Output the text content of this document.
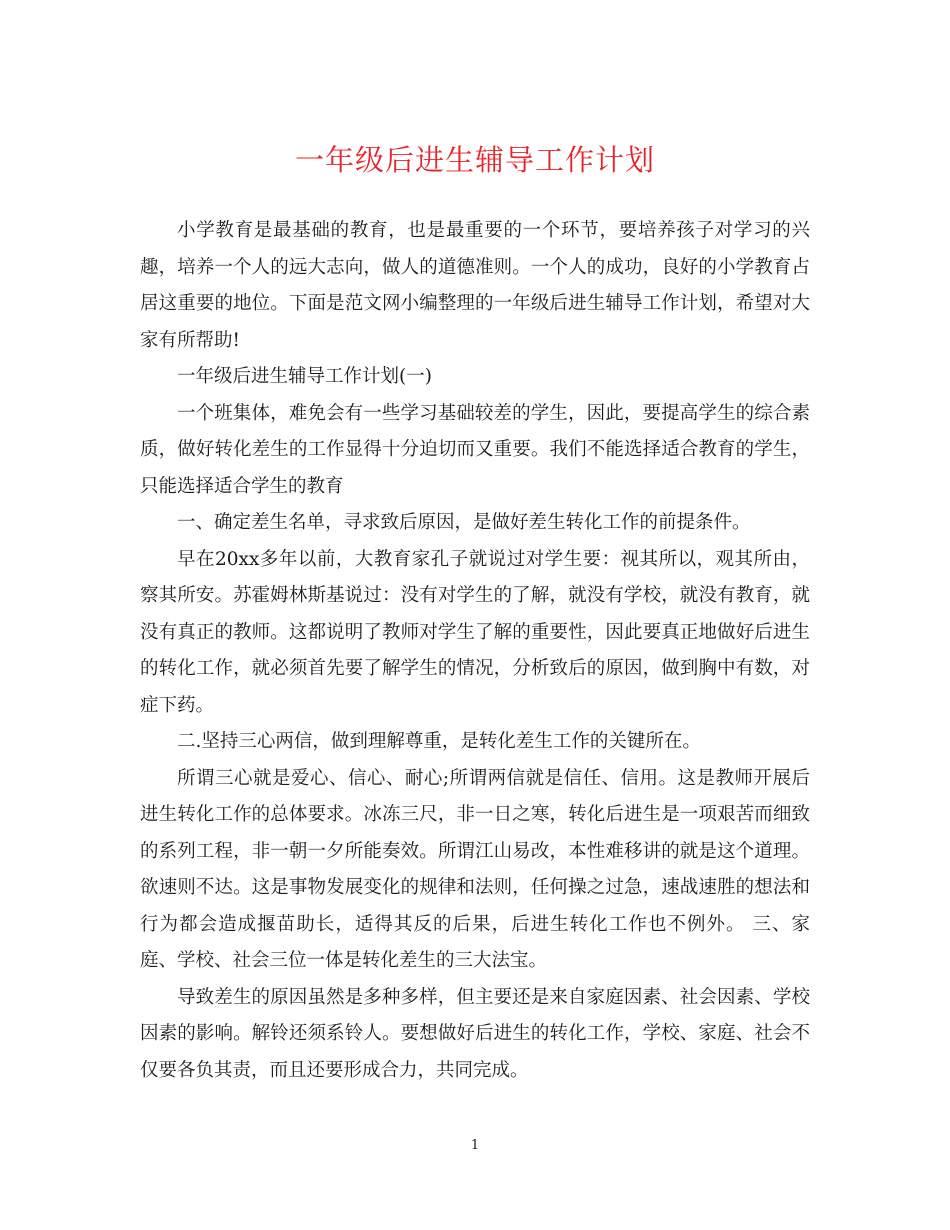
一年级后进生辅导工作计划

小学教育是最基础的教育，也是最重要的一个环节，要培养孩子对学习的兴趣，培养一个人的远大志向，做人的道德准则。一个人的成功，良好的小学教育占居这重要的地位。下面是范文网小编整理的一年级后进生辅导工作计划，希望对大家有所帮助!

一年级后进生辅导工作计划(一)

一个班集体，难免会有一些学习基础较差的学生，因此，要提高学生的综合素质，做好转化差生的工作显得十分迫切而又重要。我们不能选择适合教育的学生，只能选择适合学生的教育

一、确定差生名单，寻求致后原因，是做好差生转化工作的前提条件。

早在20xx多年以前，大教育家孔子就说过对学生要：视其所以，观其所由，察其所安。苏霍姆林斯基说过：没有对学生的了解，就没有学校，就没有教育，就没有真正的教师。这都说明了教师对学生了解的重要性，因此要真正地做好后进生的转化工作，就必须首先要了解学生的情况，分析致后的原因，做到胸中有数，对症下药。

二.坚持三心两信，做到理解尊重，是转化差生工作的关键所在。

所谓三心就是爱心、信心、耐心;所谓两信就是信任、信用。这是教师开展后进生转化工作的总体要求。冰冻三尺，非一日之寒，转化后进生是一项艰苦而细致的系列工程，非一朝一夕所能奏效。所谓江山易改，本性难移讲的就是这个道理。欲速则不达。这是事物发展变化的规律和法则，任何操之过急，速战速胜的想法和行为都会造成揠苗助长，适得其反的后果，后进生转化工作也不例外。 三、家庭、学校、社会三位一体是转化差生的三大法宝。

导致差生的原因虽然是多种多样，但主要还是来自家庭因素、社会因素、学校因素的影响。解铃还须系铃人。要想做好后进生的转化工作，学校、家庭、社会不仅要各负其责，而且还要形成合力，共同完成。

1
